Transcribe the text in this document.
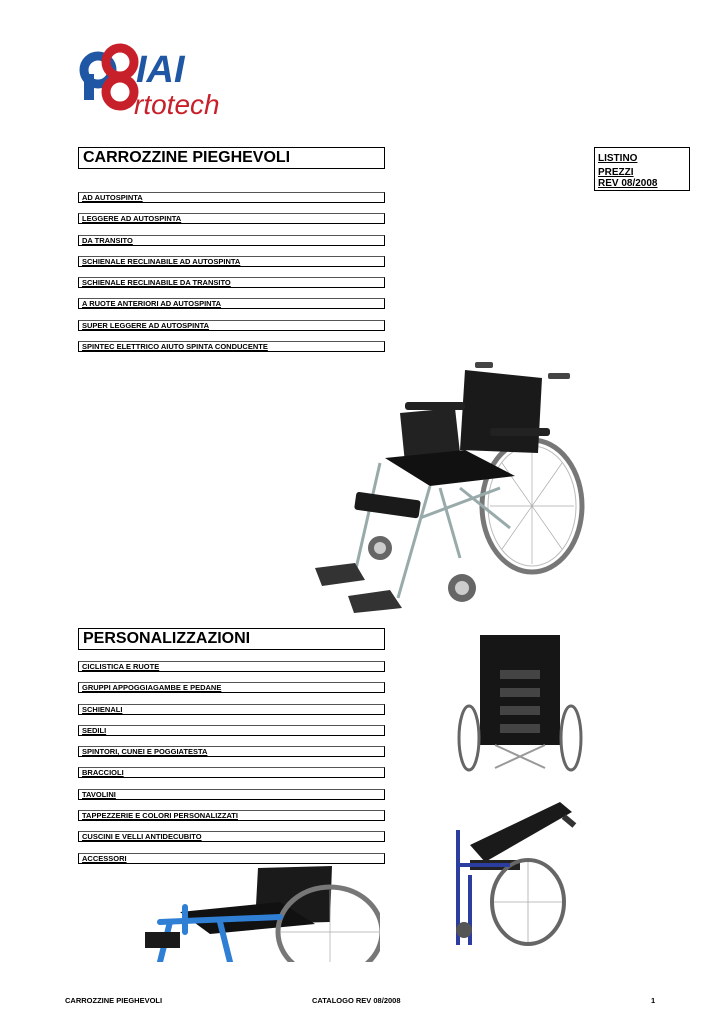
IAI
rtotech
CARROZZINE PIEGHEVOLI
AD AUTOSPINTA
LEGGERE AD AUTOSPINTA
DA TRANSITO
SCHIENALE RECLINABILE AD AUTOSPINTA
SCHIENALE RECLINABILE DA TRANSITO
A RUOTE ANTERIORI AD AUTOSPINTA
SUPER LEGGERE AD AUTOSPINTA
SPINTEC ELETTRICO AIUTO SPINTA CONDUCENTE
LISTINO
PREZZI
REV 08/2008
PERSONALIZZAZIONI
CICLISTICA E RUOTE
GRUPPI APPOGGIAGAMBE E PEDANE
SCHIENALI
SEDILI
SPINTORI, CUNEI E POGGIATESTA
BRACCIOLI
TAVOLINI
TAPPEZZERIE E COLORI PERSONALIZZATI
CUSCINI E VELLI ANTIDECUBITO
ACCESSORI
CARROZZINE PIEGHEVOLI	CATALOGO REV 08/2008	1
